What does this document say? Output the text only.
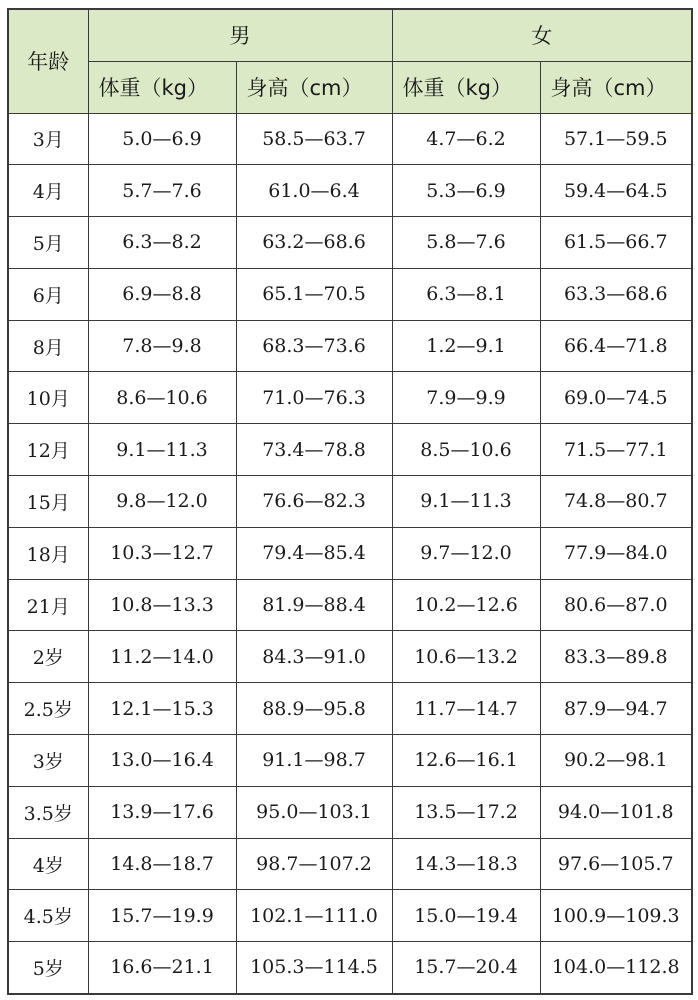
年龄	男		女	
	体重（kg）	身高（cm）	体重（kg）	身高（cm）
3月	5.0—6.9	58.5—63.7	4.7—6.2	57.1—59.5
4月	5.7—7.6	61.0—6.4	5.3—6.9	59.4—64.5
5月	6.3—8.2	63.2—68.6	5.8—7.6	61.5—66.7
6月	6.9—8.8	65.1—70.5	6.3—8.1	63.3—68.6
8月	7.8—9.8	68.3—73.6	1.2—9.1	66.4—71.8
10月	8.6—10.6	71.0—76.3	7.9—9.9	69.0—74.5
12月	9.1—11.3	73.4—78.8	8.5—10.6	71.5—77.1
15月	9.8—12.0	76.6—82.3	9.1—11.3	74.8—80.7
18月	10.3—12.7	79.4—85.4	9.7—12.0	77.9—84.0
21月	10.8—13.3	81.9—88.4	10.2—12.6	80.6—87.0
2岁	11.2—14.0	84.3—91.0	10.6—13.2	83.3—89.8
2.5岁	12.1—15.3	88.9—95.8	11.7—14.7	87.9—94.7
3岁	13.0—16.4	91.1—98.7	12.6—16.1	90.2—98.1
3.5岁	13.9—17.6	95.0—103.1	13.5—17.2	94.0—101.8
4岁	14.8—18.7	98.7—107.2	14.3—18.3	97.6—105.7
4.5岁	15.7—19.9	102.1—111.0	15.0—19.4	100.9—109.3
5岁	16.6—21.1	105.3—114.5	15.7—20.4	104.0—112.8
